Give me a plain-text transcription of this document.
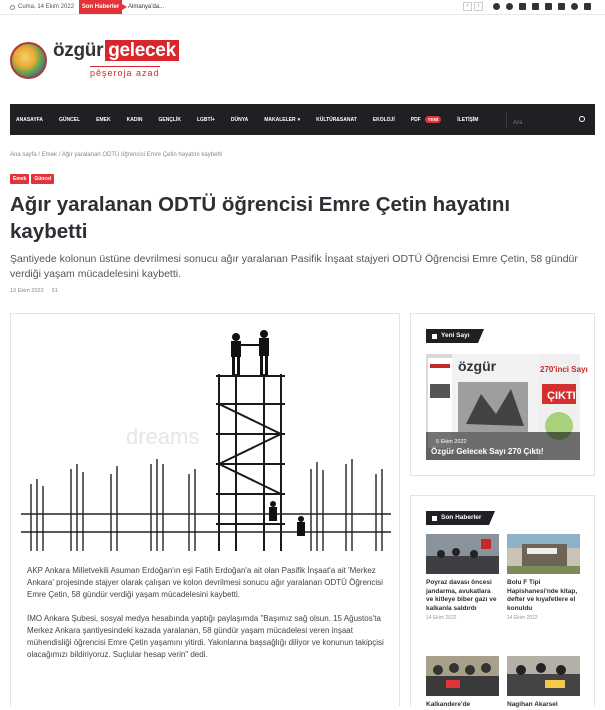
Cuma, 14 Ekim 2022	Son Haberler	Almanya'da...	‹	›
özgür gelecek
pêşeroja azad
ANASAYFA	GÜNCEL	EMEK	KADIN	GENÇLİK	LGBTİ+	DÜNYA	MAKALELER ▾	KÜLTÜR&SANAT	EKOLOJİ	PDF	YENİ	İLETİŞİM
Ara
Ana sayfa / Emek / Ağır yaralanan ODTÜ öğrencisi Emre Çetin hayatını kaybetti
Emek	Güncel
Ağır yaralanan ODTÜ öğrencisi Emre Çetin hayatını kaybetti

Şantiyede kolonun üstüne devrilmesi sonucu ağır yaralanan Pasifik İnşaat stajyeri ODTÜ Öğrencisi Emre Çetin, 58 gündür verdiği yaşam mücadelesini kaybetti.

13 Ekim 2022 51
dreams

AKP Ankara Milletvekili Asuman Erdoğan'ın eşi Fatih Erdoğan'a ait olan Pasifik İnşaat'a ait 'Merkez Ankara' projesinde stajyer olarak çalışan ve kolon devrilmesi sonucu ağır yaralanan ODTÜ Öğrencisi Emre Çetin, 58 gündür verdiği yaşam mücadelesini kaybetti.

İMO Ankara Şubesi, sosyal medya hesabında yaptığı paylaşımda "Başımız sağ olsun. 15 Ağustos'ta Merkez Ankara şantiyesindeki kazada yaralanan, 58 gündür yaşam mücadelesi veren inşaat mühendisliği öğrencisi Emre Çetin yaşamını yitirdi. Yakınlarına başsağlığı diliyor ve konunun takipçisi olacağımızı bildiriyoruz. Suçlular hesap verin" dedi.

Yeni Sayı
özgür	270'inci Sayı
ÇIKTI
5 Ekim 2022
Özgür Gelecek Sayı 270 Çıktı!
Son Haberler
Poyraz davası öncesi jandarma, avukatlara ve kitleye biber gazı ve kalkanla saldırdı
14 Ekim 2022
Bolu F Tipi Hapishanesi'nde kitap, defter ve kıyafetlere el konuldu
14 Ekim 2022
Kalkandere'de	Nagihan Akarsel
